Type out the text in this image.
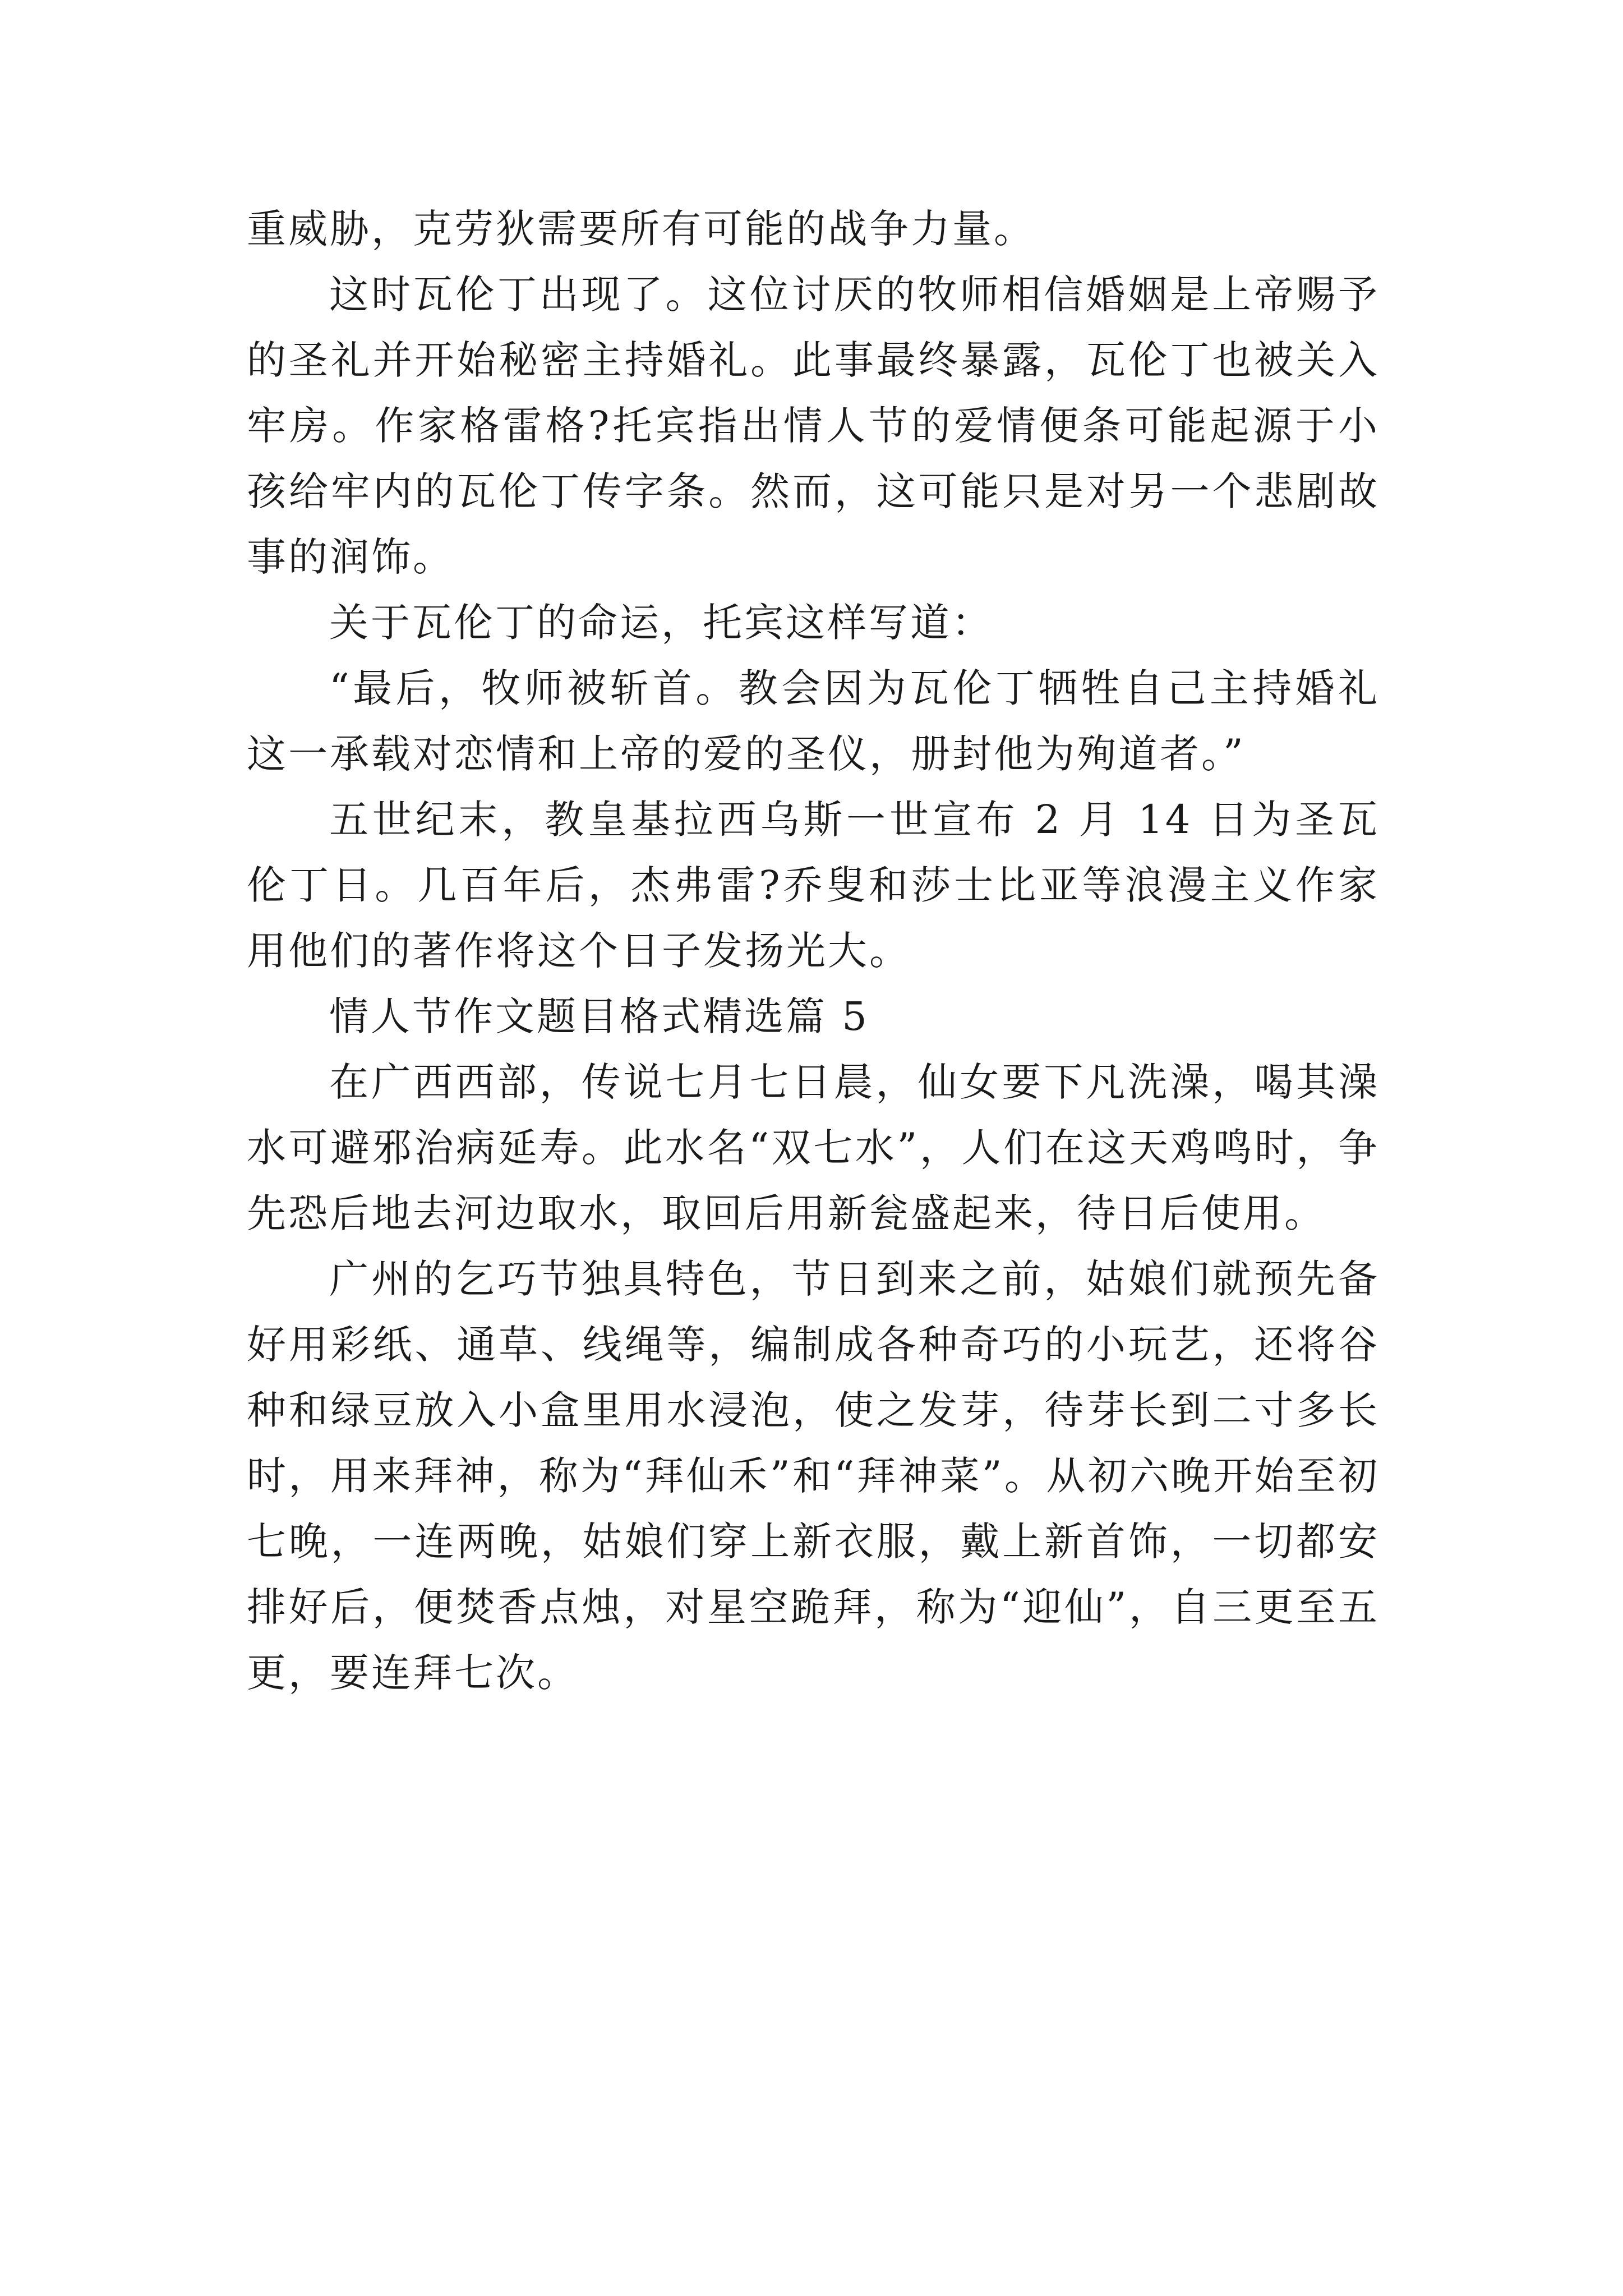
重威胁，克劳狄需要所有可能的战争力量。

这时瓦伦丁出现了。这位讨厌的牧师相信婚姻是上帝赐予的圣礼并开始秘密主持婚礼。此事最终暴露，瓦伦丁也被关入牢房。作家格雷格?托宾指出情人节的爱情便条可能起源于小孩给牢内的瓦伦丁传字条。然而，这可能只是对另一个悲剧故事的润饰。

关于瓦伦丁的命运，托宾这样写道：

“最后，牧师被斩首。教会因为瓦伦丁牺牲自己主持婚礼这一承载对恋情和上帝的爱的圣仪，册封他为殉道者。”

五世纪末，教皇基拉西乌斯一世宣布 2 月 14 日为圣瓦伦丁日。几百年后，杰弗雷?乔叟和莎士比亚等浪漫主义作家用他们的著作将这个日子发扬光大。

情人节作文题目格式精选篇 5

在广西西部，传说七月七日晨，仙女要下凡洗澡，喝其澡水可避邪治病延寿。此水名“双七水”，人们在这天鸡鸣时，争先恐后地去河边取水，取回后用新瓮盛起来，待日后使用。

广州的乞巧节独具特色，节日到来之前，姑娘们就预先备好用彩纸、通草、线绳等，编制成各种奇巧的小玩艺，还将谷种和绿豆放入小盒里用水浸泡，使之发芽，待芽长到二寸多长时，用来拜神，称为“拜仙禾”和“拜神菜”。从初六晚开始至初七晚，一连两晚，姑娘们穿上新衣服，戴上新首饰，一切都安排好后，便焚香点烛，对星空跪拜，称为“迎仙”，自三更至五更，要连拜七次。
